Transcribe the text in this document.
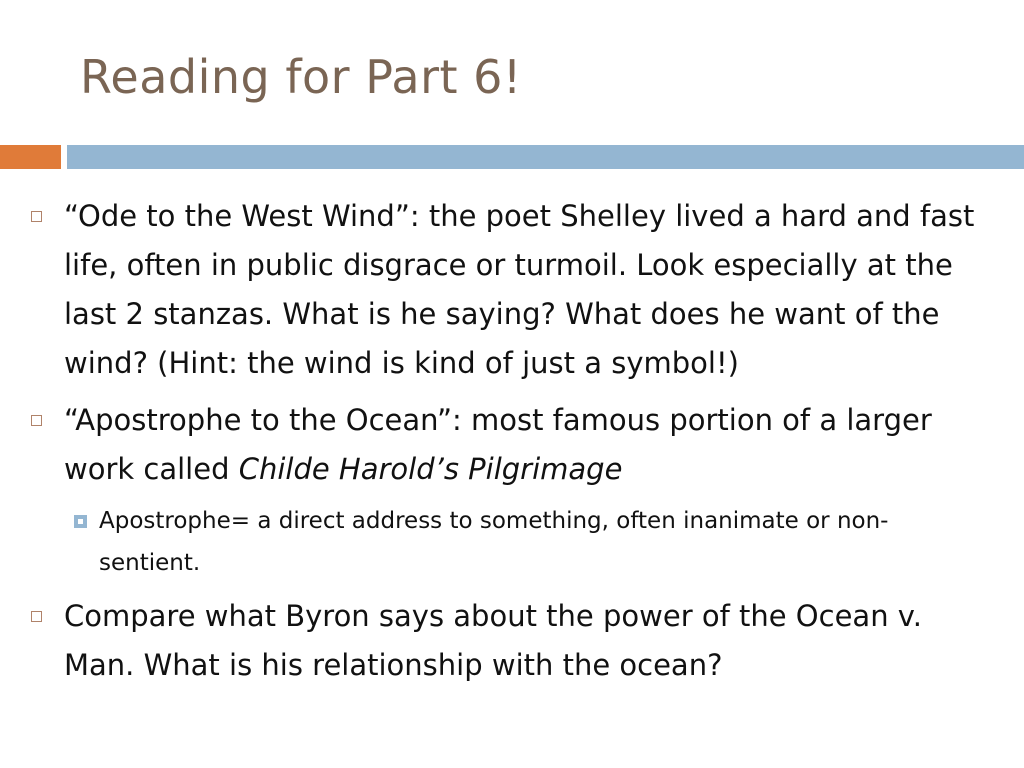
Reading for Part 6!
“Ode to the West Wind”: the poet Shelley lived a hard and fast life, often in public disgrace or turmoil. Look especially at the last 2 stanzas. What is he saying? What does he want of the wind? (Hint: the wind is kind of just a symbol!)
“Apostrophe to the Ocean”: most famous portion of a larger work called Childe Harold’s Pilgrimage
Apostrophe= a direct address to something, often inanimate or non-sentient.
Compare what Byron says about the power of the Ocean v. Man. What is his relationship with the ocean?
